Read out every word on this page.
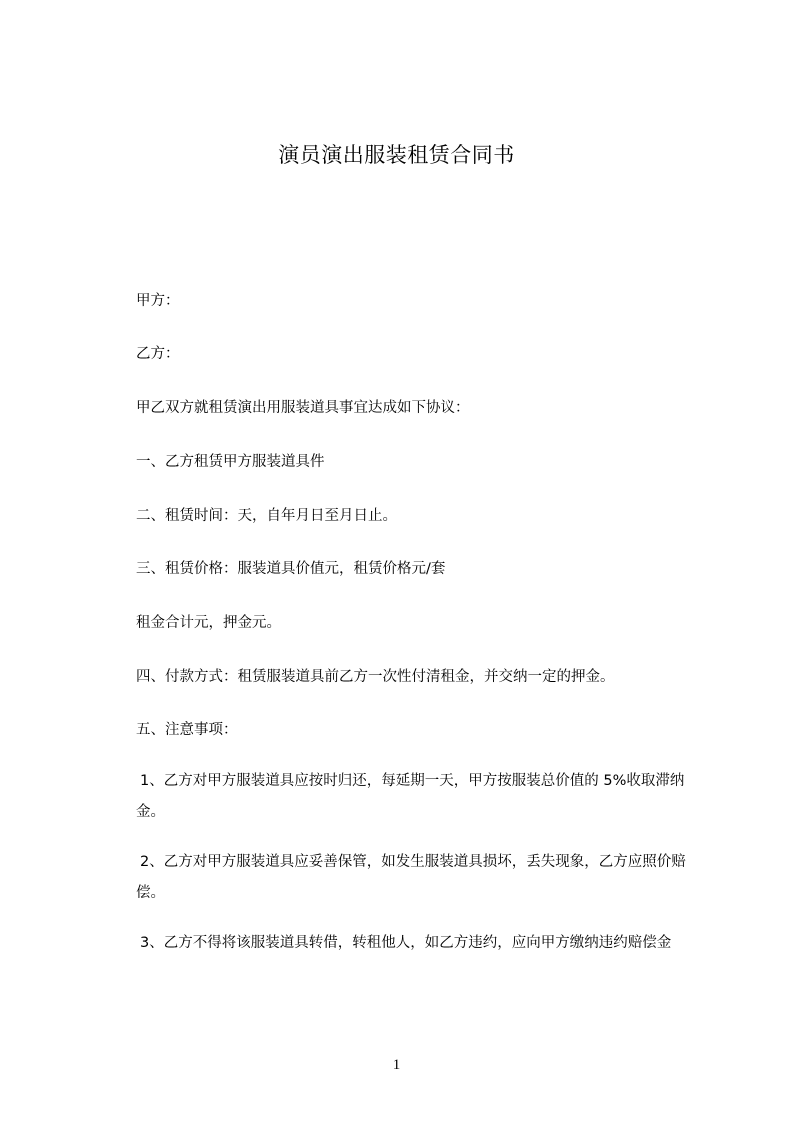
演员演出服装租赁合同书

甲方：

乙方：

甲乙双方就租赁演出用服装道具事宜达成如下协议：

一、乙方租赁甲方服装道具件

二、租赁时间：天，自年月日至月日止。

三、租赁价格：服装道具价值元，租赁价格元/套

租金合计元，押金元。

四、付款方式：租赁服装道具前乙方一次性付清租金，并交纳一定的押金。

五、注意事项：

1、乙方对甲方服装道具应按时归还，每延期一天，甲方按服装总价值的 5%收取滞纳金。

2、乙方对甲方服装道具应妥善保管，如发生服装道具损坏，丢失现象，乙方应照价赔偿。

3、乙方不得将该服装道具转借，转租他人，如乙方违约，应向甲方缴纳违约赔偿金

1
